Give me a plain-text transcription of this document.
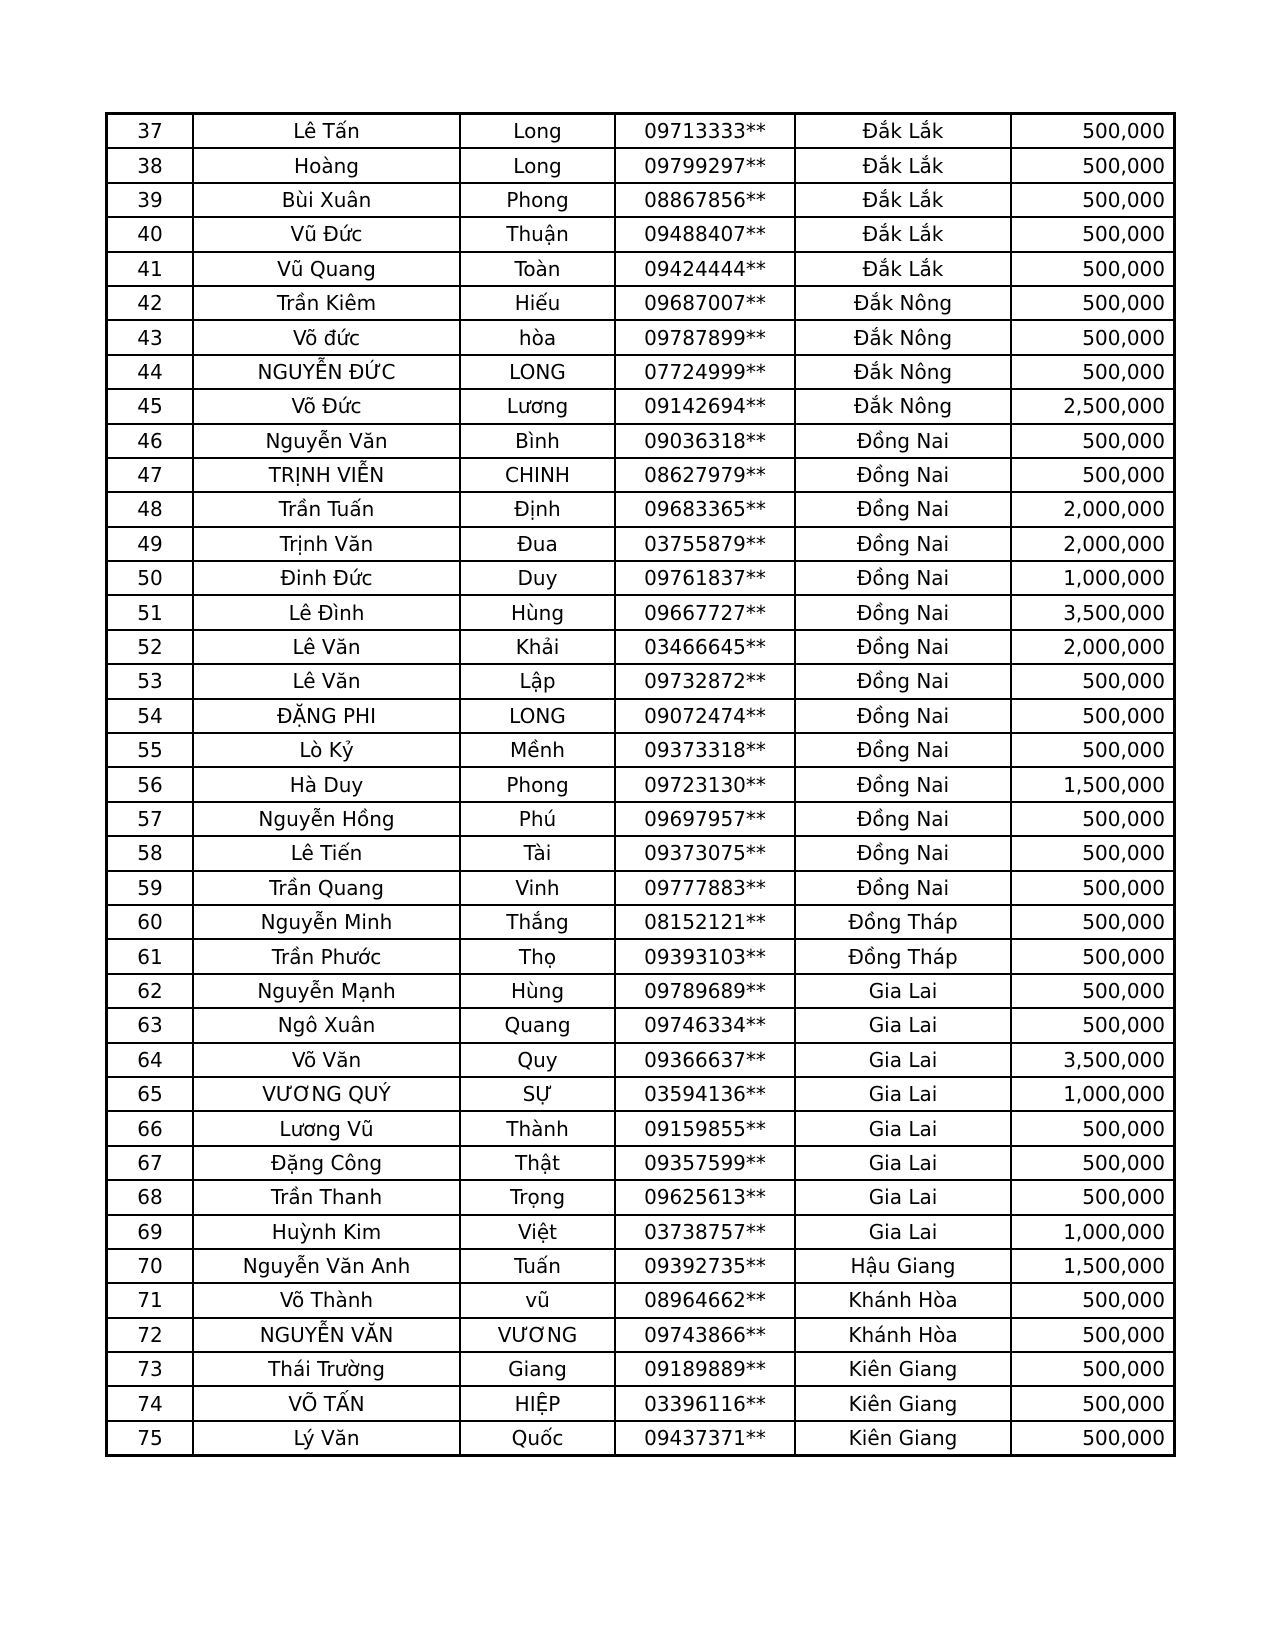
37	Lê Tấn	Long	09713333**	Đắk Lắk	500,000
38	Hoàng	Long	09799297**	Đắk Lắk	500,000
39	Bùi Xuân	Phong	08867856**	Đắk Lắk	500,000
40	Vũ Đức	Thuận	09488407**	Đắk Lắk	500,000
41	Vũ Quang	Toàn	09424444**	Đắk Lắk	500,000
42	Trần Kiêm	Hiếu	09687007**	Đắk Nông	500,000
43	Võ đức	hòa	09787899**	Đắk Nông	500,000
44	NGUYỄN ĐỨC	LONG	07724999**	Đắk Nông	500,000
45	Võ Đức	Lương	09142694**	Đắk Nông	2,500,000
46	Nguyễn Văn	Bình	09036318**	Đồng Nai	500,000
47	TRỊNH VIỄN	CHINH	08627979**	Đồng Nai	500,000
48	Trần Tuấn	Định	09683365**	Đồng Nai	2,000,000
49	Trịnh Văn	Đua	03755879**	Đồng Nai	2,000,000
50	Đinh Đức	Duy	09761837**	Đồng Nai	1,000,000
51	Lê Đình	Hùng	09667727**	Đồng Nai	3,500,000
52	Lê Văn	Khải	03466645**	Đồng Nai	2,000,000
53	Lê Văn	Lập	09732872**	Đồng Nai	500,000
54	ĐẶNG PHI	LONG	09072474**	Đồng Nai	500,000
55	Lò Kỷ	Mềnh	09373318**	Đồng Nai	500,000
56	Hà Duy	Phong	09723130**	Đồng Nai	1,500,000
57	Nguyễn Hồng	Phú	09697957**	Đồng Nai	500,000
58	Lê Tiến	Tài	09373075**	Đồng Nai	500,000
59	Trần Quang	Vinh	09777883**	Đồng Nai	500,000
60	Nguyễn Minh	Thắng	08152121**	Đồng Tháp	500,000
61	Trần Phước	Thọ	09393103**	Đồng Tháp	500,000
62	Nguyễn Mạnh	Hùng	09789689**	Gia Lai	500,000
63	Ngô Xuân	Quang	09746334**	Gia Lai	500,000
64	Võ Văn	Quy	09366637**	Gia Lai	3,500,000
65	VƯƠNG QUÝ	SỰ	03594136**	Gia Lai	1,000,000
66	Lương Vũ	Thành	09159855**	Gia Lai	500,000
67	Đặng Công	Thật	09357599**	Gia Lai	500,000
68	Trần Thanh	Trọng	09625613**	Gia Lai	500,000
69	Huỳnh Kim	Việt	03738757**	Gia Lai	1,000,000
70	Nguyễn Văn Anh	Tuấn	09392735**	Hậu Giang	1,500,000
71	Võ Thành	vũ	08964662**	Khánh Hòa	500,000
72	NGUYỄN VĂN	VƯƠNG	09743866**	Khánh Hòa	500,000
73	Thái Trường	Giang	09189889**	Kiên Giang	500,000
74	VÕ TẤN	HIỆP	03396116**	Kiên Giang	500,000
75	Lý Văn	Quốc	09437371**	Kiên Giang	500,000
